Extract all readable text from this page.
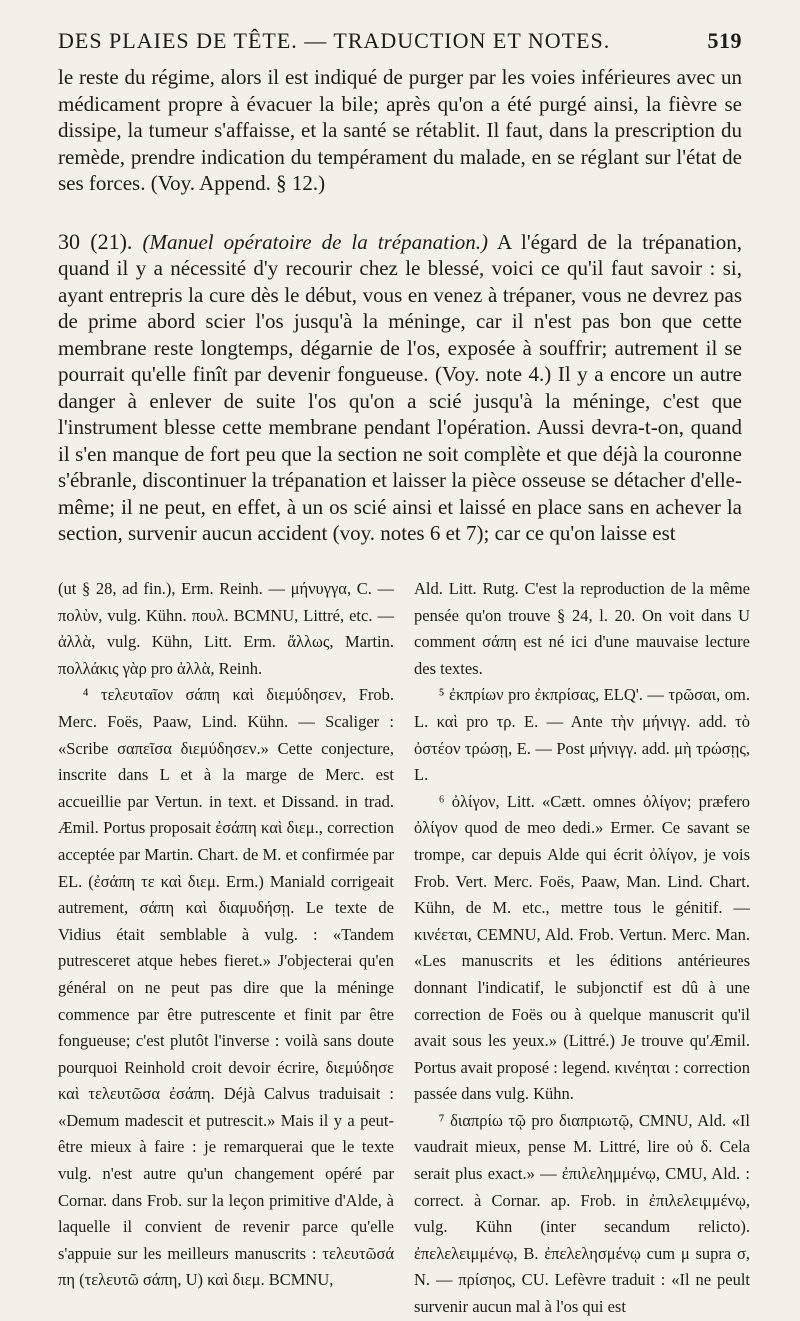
DES PLAIES DE TÊTE. — TRADUCTION ET NOTES.	519

le reste du régime, alors il est indiqué de purger par les voies inférieures avec un médicament propre à évacuer la bile; après qu'on a été purgé ainsi, la fièvre se dissipe, la tumeur s'affaisse, et la santé se rétablit. Il faut, dans la prescription du remède, prendre indication du tempérament du malade, en se réglant sur l'état de ses forces. (Voy. Append. § 12.)

30 (21). (Manuel opératoire de la trépanation.) A l'égard de la trépanation, quand il y a nécessité d'y recourir chez le blessé, voici ce qu'il faut savoir : si, ayant entrepris la cure dès le début, vous en venez à trépaner, vous ne devrez pas de prime abord scier l'os jusqu'à la méninge, car il n'est pas bon que cette membrane reste longtemps, dégarnie de l'os, exposée à souffrir; autrement il se pourrait qu'elle finît par devenir fongueuse. (Voy. note 4.) Il y a encore un autre danger à enlever de suite l'os qu'on a scié jusqu'à la méninge, c'est que l'instrument blesse cette membrane pendant l'opération. Aussi devra-t-on, quand il s'en manque de fort peu que la section ne soit complète et que déjà la couronne s'ébranle, discontinuer la trépanation et laisser la pièce osseuse se détacher d'elle-même; il ne peut, en effet, à un os scié ainsi et laissé en place sans en achever la section, survenir aucun accident (voy. notes 6 et 7); car ce qu'on laisse est

(ut § 28, ad fin.), Erm. Reinh. — μήνυγγα, C. — πολὺν, vulg. Kühn. πουλ. BCMNU, Littré, etc. — ἀλλὰ, vulg. Kühn, Litt. Erm. ἄλλως, Martin. πολλάκις γὰρ pro ἀλλὰ, Reinh.

⁴ τελευταῖον σάπη καὶ διεμύδησεν, Frob. Merc. Foës, Paaw, Lind. Kühn. — Scaliger : «Scribe σαπεῖσα διεμύδησεν.» Cette conjecture, inscrite dans L et à la marge de Merc. est accueillie par Vertun. in text. et Dissand. in trad. Æmil. Portus proposait ἐσάπη καὶ διεμ., correction acceptée par Martin. Chart. de M. et confirmée par EL. (ἐσάπη τε καὶ διεμ. Erm.) Maniald corrigeait autrement, σάπη καὶ διαμυδήσῃ. Le texte de Vidius était semblable à vulg. : «Tandem putresceret atque hebes fieret.» J'objecterai qu'en général on ne peut pas dire que la méninge commence par être putrescente et finit par être fongueuse; c'est plutôt l'inverse : voilà sans doute pourquoi Reinhold croit devoir écrire, διεμύδησε καὶ τελευτῶσα ἐσάπη. Déjà Calvus traduisait : «Demum madescit et putrescit.» Mais il y a peut-être mieux à faire : je remarquerai que le texte vulg. n'est autre qu'un changement opéré par Cornar. dans Frob. sur la leçon primitive d'Alde, à laquelle il convient de revenir parce qu'elle s'appuie sur les meilleurs manuscrits : τελευτῶσά πη (τελευτῶ σάπη, U) καὶ διεμ. BCMNU,

Ald. Litt. Rutg. C'est la reproduction de la même pensée qu'on trouve § 24, l. 20. On voit dans U comment σάπη est né ici d'une mauvaise lecture des textes.

⁵ ἐκπρίων pro ἐκπρίσας, ELQ'. — τρῶσαι, om. L. καὶ pro τρ. E. — Ante τὴν μήνιγγ. add. τὸ ὀστέον τρώσῃ, E. — Post μήνιγγ. add. μὴ τρώσῃς, L.

⁶ ὀλίγον, Litt. «Cætt. omnes ὀλίγον; præfero ὀλίγον quod de meo dedi.» Ermer. Ce savant se trompe, car depuis Alde qui écrit ὀλίγον, je vois Frob. Vert. Merc. Foës, Paaw, Man. Lind. Chart. Kühn, de M. etc., mettre tous le génitif. — κινέεται, CEMNU, Ald. Frob. Vertun. Merc. Man. «Les manuscrits et les éditions antérieures donnant l'indicatif, le subjonctif est dû à une correction de Foës ou à quelque manuscrit qu'il avait sous les yeux.» (Littré.) Je trouve qu'Æmil. Portus avait proposé : legend. κινέηται : correction passée dans vulg. Kühn.

⁷ διαπρίω τῷ pro διαπριωτῷ, CMNU, Ald. «Il vaudrait mieux, pense M. Littré, lire οὐ δ. Cela serait plus exact.» — ἐπιλελημμένῳ, CMU, Ald. : correct. à Cornar. ap. Frob. in ἐπιλελειμμένῳ, vulg. Kühn (inter secandum relicto). ἐπελελειμμένῳ, B. ἐπελελησμένῳ cum μ supra σ, N. — πρίσηος, CU. Lefèvre traduit : «Il ne peult survenir aucun mal à l'os qui est
